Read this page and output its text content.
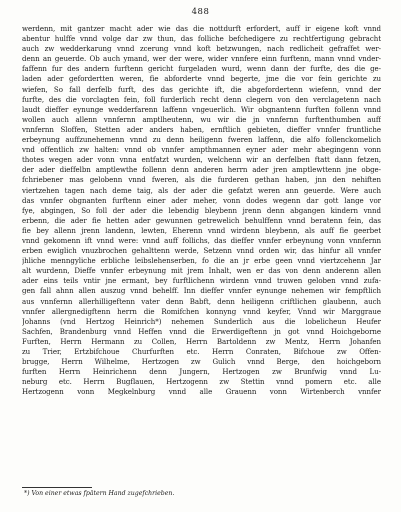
488
werdenn, mit gantzer macht ader wie das die nottdurft erfordert, auff ir eigene koft vnnd
abentur hulffe vnnd volge dar zw thun, das folliche befchedigere zu rechtfertigung gebracht
auch zw wedderkarung vnnd zcerung vnnd koft betzwungen, nach redlicheit gefraffet wer-
denn an geuerde. Ob auch ymand, wer der were, wider vnnfere einn furftenn, mann vnnd vnder-
faffenn fur des andern furftenn gericht furgeladen wurd, wenn dann der furfte, des die ge-
laden ader gefordertten weren, fie abforderte vnnd begerte, jme die vor fein gerichte zu
wiefen, So fall derfelb furft, des das gerichte ift, die abgefordertenn wiefenn, vnnd der
furfte, des die vorclagten fein, foll furderlich recht denn clegern von den verclagetenn nach
laudt dieffer eynunge wedderfarenn laffenn vngeuerlich. Wir obgnantenn furften follenn vnnd
wollen auch allenn vnnfernn amptlheutenn, wu wir die jn vnnfernn furftenthumben auff
vnnfernn Sloffen, Stetten ader anders haben, ernftlich gebieten, dieffer vnnfer fruntliche
erbeynung auffzunehemenn vnnd zu denn heiligenn fweren laffenn, die alfo follenckomelich
vnd offentlich zw halten: vnnd ob vnnfer ampthmannen eyner ader mehr abegingenn vonn
thotes wegen ader vonn vnna entfatzt wurden, welchenn wir an derfelben ftatt dann fetzen,
der ader dieffelbn amptlewthe follenn denn anderen herrn ader jren amptlewttenn jne obge-
fchriebener mas gelobenn vnnd fweren, als die furderen gethan haben, jnn den nehiften
viertzehen tagen nach deme taig, als der ader die gefatzt weren ann geuerde. Were auch
das vnnfer obgnanten furftenn einer ader meher, vonn dodes wegenn dar gott lange vor
fye, abgingen, So foll der ader die lebendig bleybenn jrenn denn abgangen kindern vnnd
erbenn, die ader fie hetten ader gewunnen getrewelich behulffenn vnnd beratenn fein, das
fie bey allenn jrenn landenn, lewten, Eherenn vnnd wirdenn bleybenn, als auff fie geerbet
vnnd gekomenn ift vnnd were: vnnd auff follichs, das dieffer vnnfer erbeynung vonn vnnfernn
erben ewiglich vnuzbrochen gehalttenn werde, Setzenn vnnd orden wir, das hinfur all vnnfer
jhliche menngyliche erbliche leibslehenserben, fo die an jr erbe geen vnnd viertzcehenn Jar
alt wurdenn, Dieffe vnnfer erbeynung mit jrem Inhalt, wen er das von denn anderenn allen
ader eins teils vntir jne ermant, bey furftlichenn wirdenn vnnd truwen geloben vnnd zufa-
gen fall ahnn allen auszug vnnd behelff. Inn dieffer vnnfer eynunge nehemen wir fempftlich
aus vnnfernn allerhilligeftenn vater denn Babft, denn heiligenn criftlichen glaubenn, auch
vnnfer allergnedigftenn herrn die Romifchen konnyng vnnd keyfer, Vnnd wir Marggraue
Johanns (vnd Hertzog Heinrich*) nehemen Sunderlich aus die lobelicheun Heufer
Sachfen, Brandenburg vnnd Heffen vnnd die Erwerdigeftenn jn got vnnd Hoichgeborne
Furften, Herrn Hermann zu Collen, Herrn Bartoldenn zw Mentz, Herrn Johanfen
zu Trier, Ertzbifchoue Churfurften etc. Herrn Conraten, Bifchoue zw Offen-
brugge, Herrn Wilhelme, Hertzogen zw Gulich vnnd Berge, den hoichgeborn
furften Herrn Heinrichenn denn Jungern, Hertzogen zw Brunfwig vnnd Lu-
neburg etc. Herrn Bugflauen, Hertzogenn zw Stettin vnnd pomern etc. alle
Hertzogenn vonn Megkelnburg vnnd alle Grauenn vonn Wirtenberch vnnfer
*) Von einer etwas fpätern Hand zugefchrieben.
